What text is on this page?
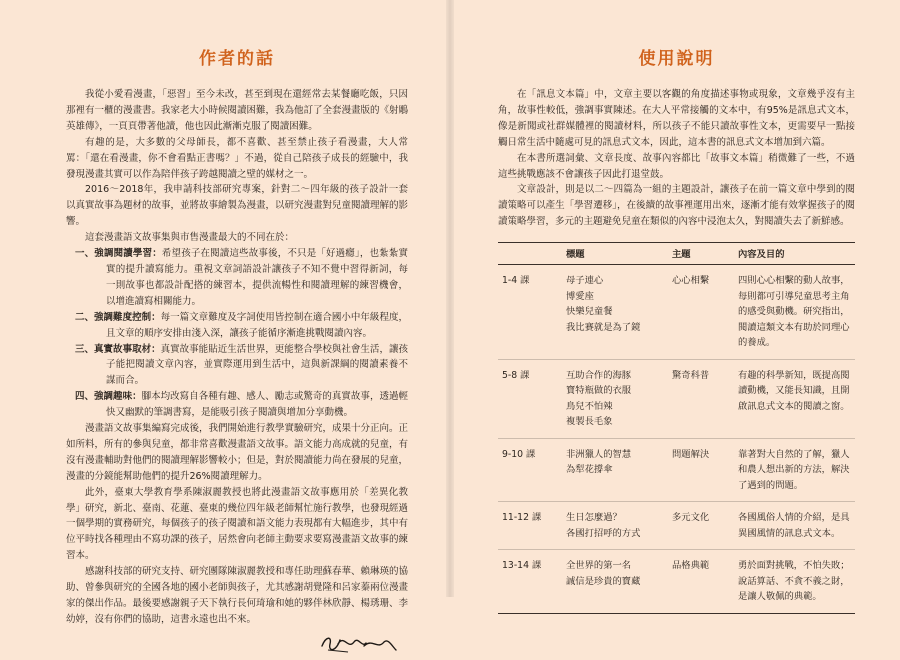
作者的話

我從小愛看漫畫，「惡習」至今未改，甚至到現在還經常去某餐廳吃飯，只因那裡有一櫃的漫畫書。我家老大小時候閱讀困難，我為他訂了全套漫畫版的《射鵰英雄傳》，一頁頁帶著他讀，他也因此漸漸克服了閱讀困難。

有趣的是，大多數的父母師長，都不喜歡、甚至禁止孩子看漫畫，大人常罵：「還在看漫畫，你不會看點正書嗎？」不過，從自己陪孩子成長的經驗中，我發現漫畫其實可以作為陪伴孩子跨越閱讀之壁的媒材之一。

2016～2018年，我申請科技部研究專案，針對二～四年級的孩子設計一套以真實故事為題材的故事，並將故事繪製為漫畫，以研究漫畫對兒童閱讀理解的影響。

這套漫畫語文故事集與市售漫畫最大的不同在於：

一、強調閱讀學習：希望孩子在閱讀這些故事後，不只是「好過癮」，也紮紮實實的提升讀寫能力。重視文章詞語設計讓孩子不知不覺中習得新詞，每一則故事也都設計配搭的練習本，提供流暢性和閱讀理解的練習機會，以增進讀寫相關能力。
二、強調難度控制：每一篇文章難度及字詞使用皆控制在適合國小中年級程度，且文章的順序安排由淺入深，讓孩子能循序漸進挑戰閱讀內容。
三、真實故事取材：真實故事能貼近生活世界，更能整合學校與社會生活，讓孩子能把閱讀文章內容，並實際運用到生活中，這與新課綱的閱讀素養不謀而合。
四、強調趣味：腳本均改寫自各種有趣、感人、勵志或驚奇的真實故事，透過輕快又幽默的筆調書寫，是能吸引孩子閱讀與增加分享動機。

漫畫語文故事集編寫完成後，我們開始進行教學實驗研究，成果十分正向。正如所料，所有的參與兒童，都非常喜歡漫畫語文故事。語文能力高成就的兒童，有沒有漫畫輔助對他們的閱讀理解影響較小；但是，對於閱讀能力尚在發展的兒童，漫畫的分鏡能幫助他們的提升26%閱讀理解力。

此外，臺東大學教育學系陳淑麗教授也將此漫畫語文故事應用於「差異化教學」研究，新北、臺南、花蓮、臺東的幾位四年級老師幫忙施行教學，也發現經過一個學期的實務研究，每個孩子的孩子閱讀和語文能力表現都有大幅進步，其中有位平時找各種理由不寫功課的孩子，居然會向老師主動要求要寫漫畫語文故事的練習本。

感謝科技部的研究支持、研究團隊陳淑麗教授和專任助理蘇春華、賴琳瑛的協助、曾參與研究的全國各地的國小老師與孩子，尤其感謝胡覺隆和呂家蓁兩位漫畫家的傑出作品。最後要感謝親子天下執行長何琦瑜和她的夥伴林欣靜、楊琇珊、李幼婷，沒有你們的協助，這書永遠也出不來。

使用說明

在「訊息文本篇」中，文章主要以客觀的角度描述事物或現象，文章幾乎沒有主角，故事性較低，強調事實陳述。在大人平常接觸的文本中，有95%是訊息式文本，像是新聞或社群媒體裡的閱讀材料，所以孩子不能只讀故事性文本，更需要早一點接觸日常生活中隨處可見的訊息式文本，因此，這本書的訊息式文本增加到六篇。

在本書所選詞彙、文章長度、故事內容都比「故事文本篇」稍微難了一些，不過這些挑戰應該不會讓孩子因此打退堂鼓。

文章設計，則是以二～四篇為一組的主題設計，讓孩子在前一篇文章中學到的閱讀策略可以產生「學習遷移」，在後續的故事裡運用出來，逐漸才能有效掌握孩子的閱讀策略學習，多元的主題避免兒童在類似的內容中浸泡太久，對閱讀失去了新鮮感。

	標題	主題	內容及目的
1-4 課	母子連心
博愛座
快樂兒童餐
我比賽就是為了鏡	心心相繫	四則心心相繫的動人故事，每則都可引導兒童思考主角的感受與動機。研究指出，閱讀這類文本有助於同理心的養成。
5-8 課	互助合作的海豚
寶特瓶做的衣服
鳥兒不怕辣
複製長毛象	驚奇科普	有趣的科學新知，既提高閱讀動機，又能長知識，且開啟訊息式文本的閱讀之窗。
9-10 課	非洲獵人的智慧
為犁花撐傘	問題解決	靠著對大自然的了解，獵人和農人想出新的方法，解決了遇到的問題。
11-12 課	生日怎麼過？
各國打招呼的方式	多元文化	各國風俗人情的介紹，是具異國風情的訊息式文本。
13-14 課	全世界的第一名
誠信是珍貴的寶藏	品格典範	勇於面對挑戰，不怕失敗；說話算話、不貪不義之財，是讓人敬佩的典範。
